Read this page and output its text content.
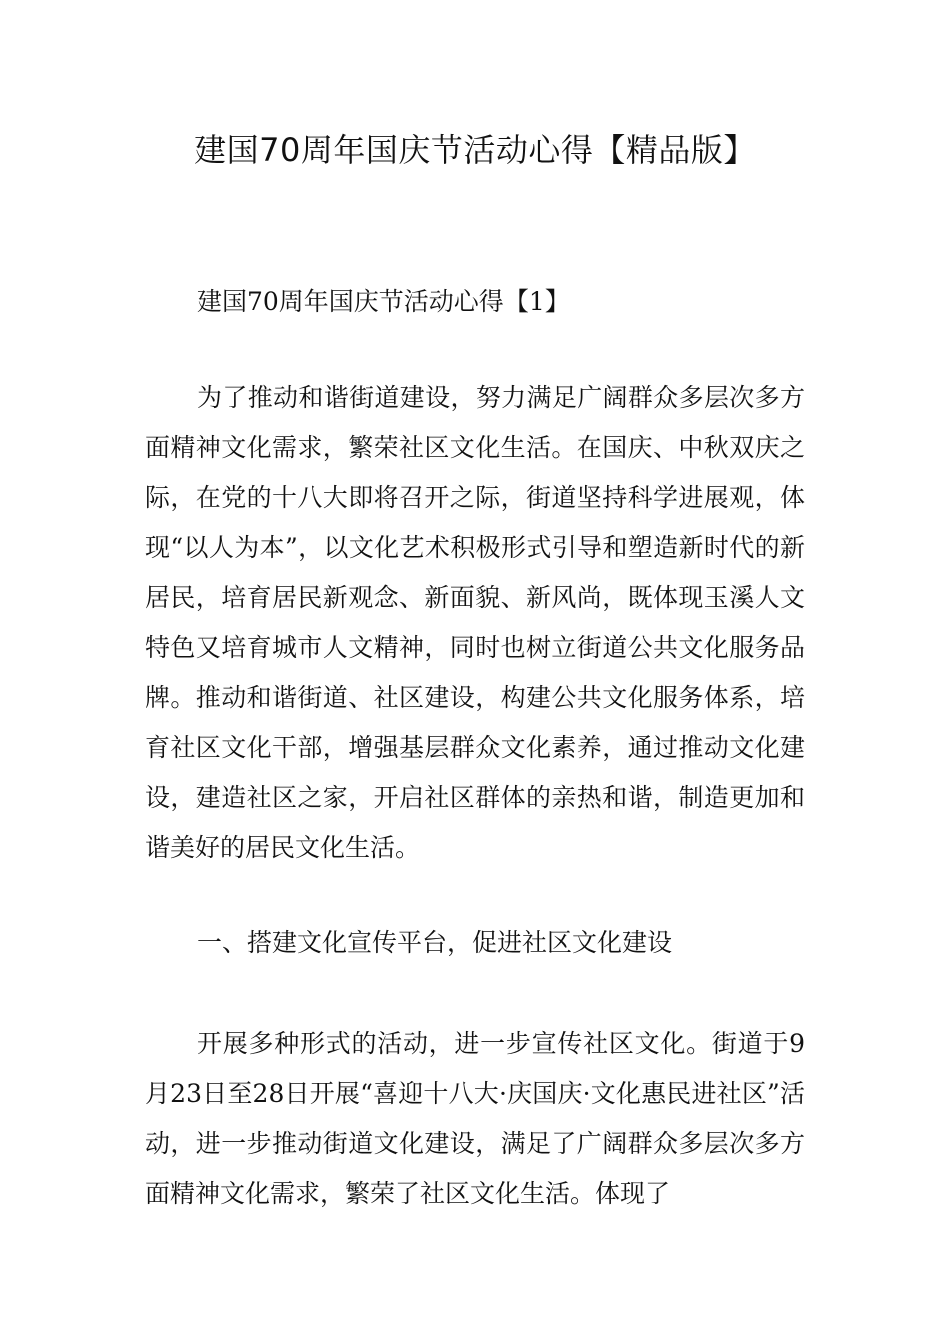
建国70周年国庆节活动心得【精品版】

建国70周年国庆节活动心得【1】

为了推动和谐街道建设，努力满足广阔群众多层次多方面精神文化需求，繁荣社区文化生活。在国庆、中秋双庆之际，在党的十八大即将召开之际，街道坚持科学进展观，体现“以人为本”，以文化艺术积极形式引导和塑造新时代的新居民，培育居民新观念、新面貌、新风尚，既体现玉溪人文特色又培育城市人文精神，同时也树立街道公共文化服务品牌。推动和谐街道、社区建设，构建公共文化服务体系，培育社区文化干部，增强基层群众文化素养，通过推动文化建设，建造社区之家，开启社区群体的亲热和谐，制造更加和谐美好的居民文化生活。

一、搭建文化宣传平台，促进社区文化建设

开展多种形式的活动，进一步宣传社区文化。街道于9月23日至28日开展“喜迎十八大·庆国庆·文化惠民进社区”活动，进一步推动街道文化建设，满足了广阔群众多层次多方面精神文化需求，繁荣了社区文化生活。体现了
